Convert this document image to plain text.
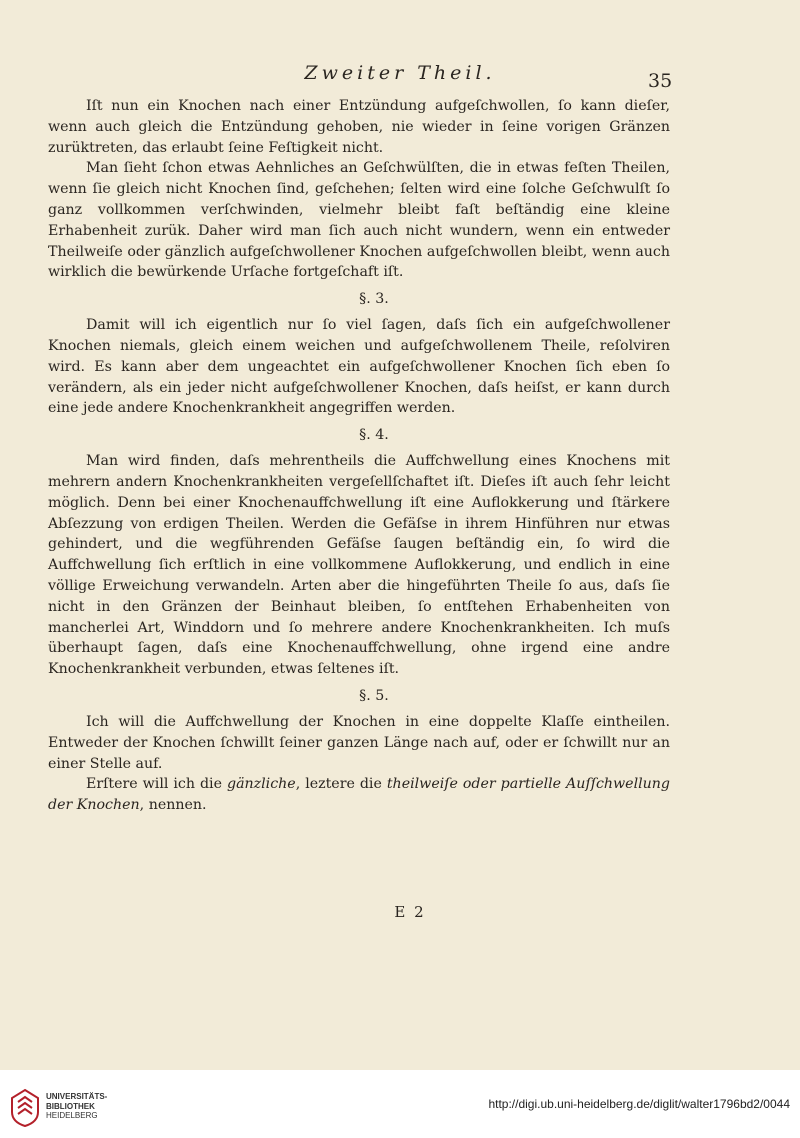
Zweiter Theil.	35

Iſt nun ein Knochen nach einer Entzündung aufgeſchwollen, ſo kann dieſer, wenn auch gleich die Entzündung gehoben, nie wieder in ſeine vorigen Gränzen zurüktreten, das erlaubt ſeine Feſtigkeit nicht.

Man ſieht ſchon etwas Aehnliches an Geſchwülſten, die in etwas feſten Theilen, wenn ſie gleich nicht Knochen ſind, geſchehen; ſelten wird eine ſolche Geſchwulſt ſo ganz vollkommen verſchwinden, vielmehr bleibt faſt beſtändig eine kleine Erhabenheit zurük. Daher wird man ſich auch nicht wundern, wenn ein entweder Theilweiſe oder gänzlich aufgeſchwollener Knochen aufgeſchwollen bleibt, wenn auch wirklich die bewürkende Urſache fortgeſchaft iſt.

§. 3.

Damit will ich eigentlich nur ſo viel ſagen, daſs ſich ein aufgeſchwollener Knochen niemals, gleich einem weichen und aufgeſchwollenem Theile, reſolviren wird. Es kann aber dem ungeachtet ein aufgeſchwollener Knochen ſich eben ſo verändern, als ein jeder nicht aufgeſchwollener Knochen, daſs heiſst, er kann durch eine jede andere Knochenkrankheit angegriffen werden.

§. 4.

Man wird finden, daſs mehrentheils die Auffchwellung eines Knochens mit mehrern andern Knochenkrankheiten vergeſellſchaftet iſt. Dieſes iſt auch ſehr leicht möglich. Denn bei einer Knochenauffchwellung iſt eine Auflokkerung und ſtärkere Abſezzung von erdigen Theilen. Werden die Gefäſse in ihrem Hinführen nur etwas gehindert, und die wegführenden Gefäſse ſaugen beſtändig ein, ſo wird die Auffchwellung ſich erſtlich in eine vollkommene Auflokkerung, und endlich in eine völlige Erweichung verwandeln. Arten aber die hingeführten Theile ſo aus, daſs ſie nicht in den Gränzen der Beinhaut bleiben, ſo entſtehen Erhabenheiten von mancherlei Art, Winddorn und ſo mehrere andere Knochenkrankheiten. Ich muſs überhaupt ſagen, daſs eine Knochenauffchwellung, ohne irgend eine andre Knochenkrankheit verbunden, etwas ſeltenes iſt.

§. 5.

Ich will die Auffchwellung der Knochen in eine doppelte Klaſſe eintheilen. Entweder der Knochen ſchwillt ſeiner ganzen Länge nach auf, oder er ſchwillt nur an einer Stelle auf.

Erſtere will ich die gänzliche, leztere die theilweiſe oder partielle Auſſchwellung der Knochen, nennen.

E 2
UNIVERSITÄTS-
BIBLIOTHEK
HEIDELBERG
http://digi.ub.uni-heidelberg.de/diglit/walter1796bd2/0044
